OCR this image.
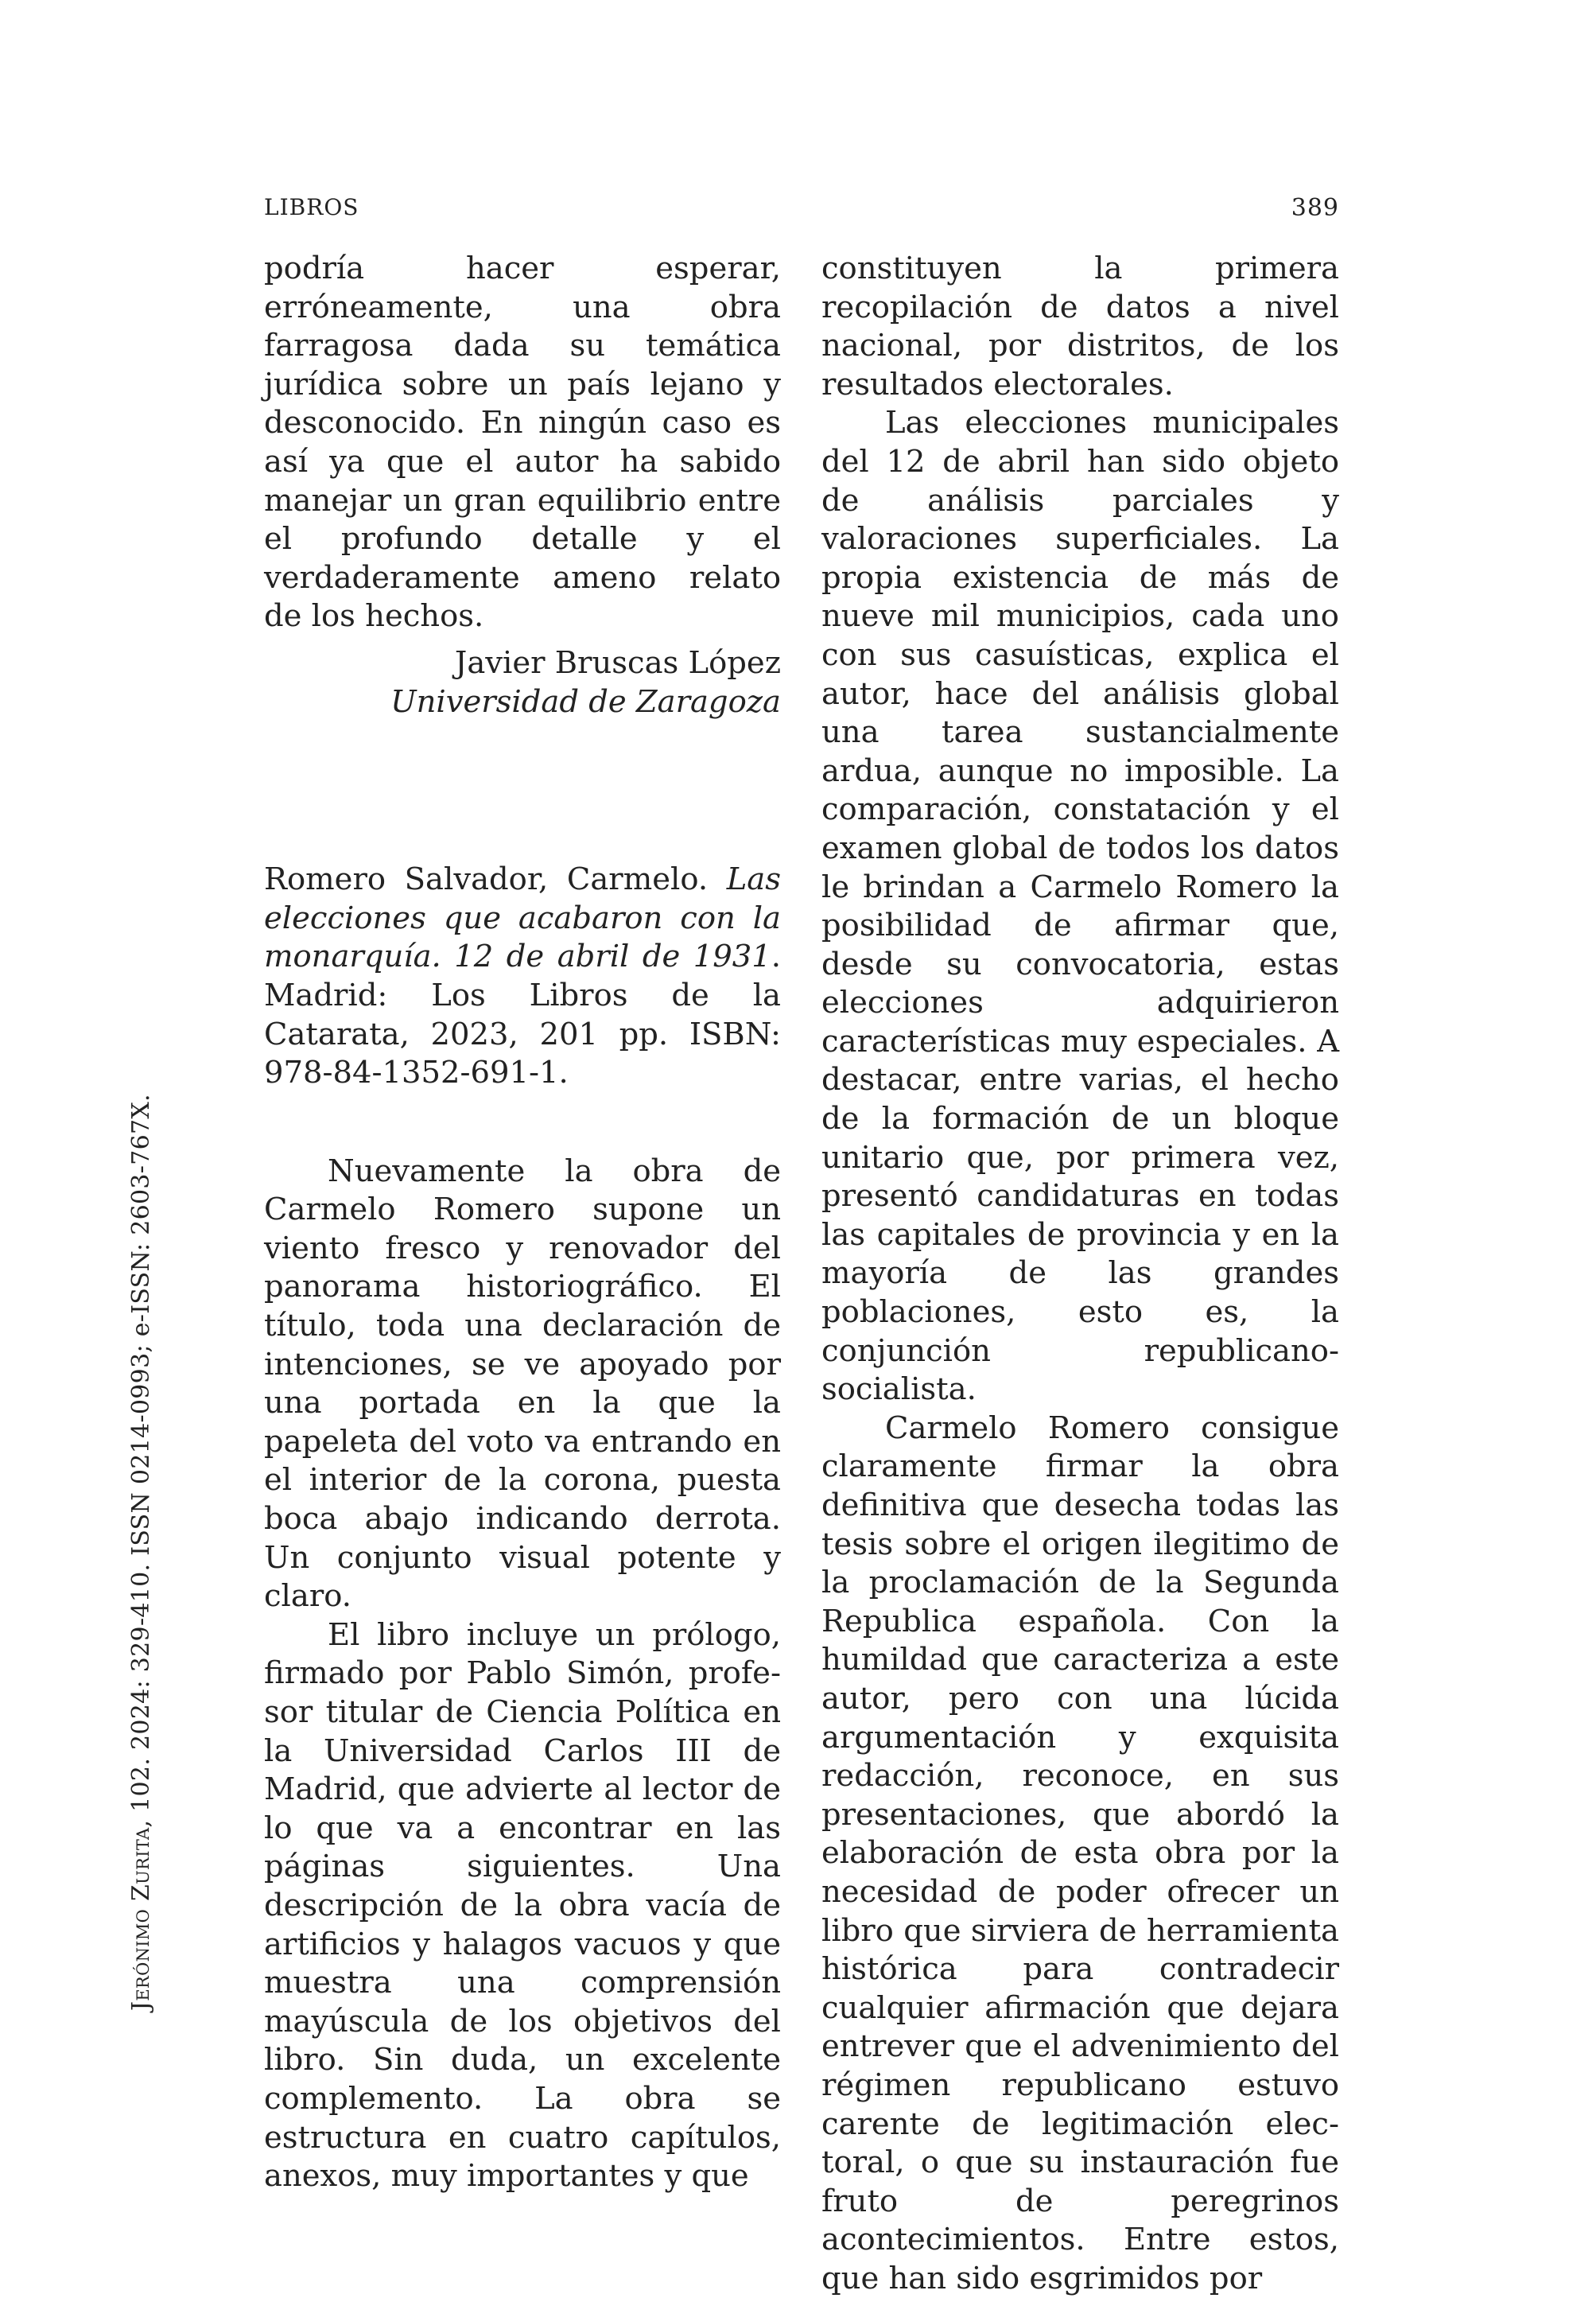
LIBROS	389
Jerónimo Zurita, 102. 2024: 329-410. ISSN 0214-0993; e-ISSN: 2603-767X.

podría hacer esperar, erróneamente, una obra farragosa dada su temática jurídica sobre un país lejano y desconocido. En ningún caso es así ya que el autor ha sabido manejar un gran equilibrio entre el profundo detalle y el verdaderamente ameno relato de los hechos.

Javier Bruscas López
Universidad de Zaragoza

Romero Salvador, Carmelo. Las elecciones que acabaron con la monarquía. 12 de abril de 1931. Madrid: Los Libros de la Catarata, 2023, 201 pp. ISBN: 978-84-1352-691-1.

Nuevamente la obra de Carmelo Romero supone un viento fresco y renovador del panorama historiográfico. El título, toda una declaración de intenciones, se ve apoyado por una portada en la que la papeleta del voto va entrando en el interior de la corona, puesta boca abajo indicando derrota. Un conjunto visual potente y claro.

El libro incluye un prólogo, firmado por Pablo Simón, profesor titular de Ciencia Política en la Universidad Carlos III de Madrid, que advierte al lector de lo que va a encontrar en las páginas siguientes. Una descripción de la obra vacía de artificios y halagos vacuos y que muestra una comprensión mayúscula de los objetivos del libro. Sin duda, un excelente complemento. La obra se estructura en cuatro capítulos, anexos, muy importantes y que

constituyen la primera recopilación de datos a nivel nacional, por distritos, de los resultados electorales.

Las elecciones municipales del 12 de abril han sido objeto de análisis parciales y valoraciones superficiales. La propia existencia de más de nueve mil municipios, cada uno con sus casuísticas, explica el autor, hace del análisis global una tarea sustancialmente ardua, aunque no imposible. La comparación, constatación y el examen global de todos los datos le brindan a Carmelo Romero la posibilidad de afirmar que, desde su convocatoria, estas elecciones adquirieron características muy especiales. A destacar, entre varias, el hecho de la formación de un bloque unitario que, por primera vez, presentó candidaturas en todas las capitales de provincia y en la mayoría de las grandes poblaciones, esto es, la conjunción republicano-socialista.

Carmelo Romero consigue claramente firmar la obra definitiva que desecha todas las tesis sobre el origen ilegitimo de la proclamación de la Segunda Republica española. Con la humildad que caracteriza a este autor, pero con una lúcida argumentación y exquisita redacción, reconoce, en sus presentaciones, que abordó la elaboración de esta obra por la necesidad de poder ofrecer un libro que sirviera de herramienta histórica para contradecir cualquier afirmación que dejara entrever que el advenimiento del régimen republicano estuvo carente de legitimación electoral, o que su instauración fue fruto de peregrinos acontecimientos. Entre estos, que han sido esgrimidos por
